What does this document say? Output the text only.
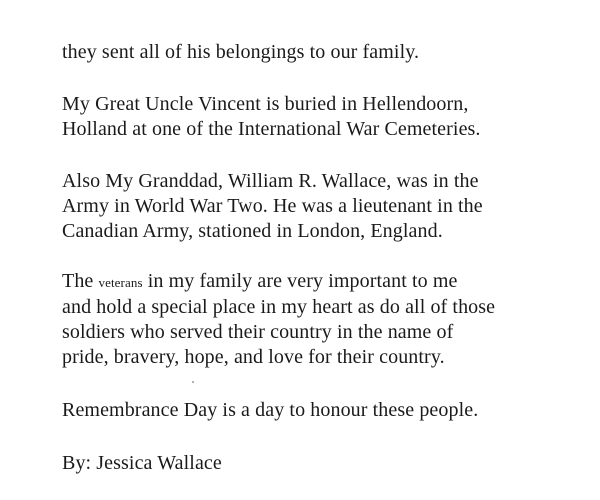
they sent all of his belongings to our family.

My Great Uncle Vincent is buried in Hellendoorn,

Holland at one of the International War Cemeteries.

Also My Granddad, William R. Wallace, was in the

Army in World War Two. He was a lieutenant in the

Canadian Army, stationed in London, England.

The veterans in my family are very important to me

and hold a special place in my heart as do all of those

soldiers who served their country in the name of

pride, bravery, hope, and love for their country.

Remembrance Day is a day to honour these people.

By: Jessica Wallace
